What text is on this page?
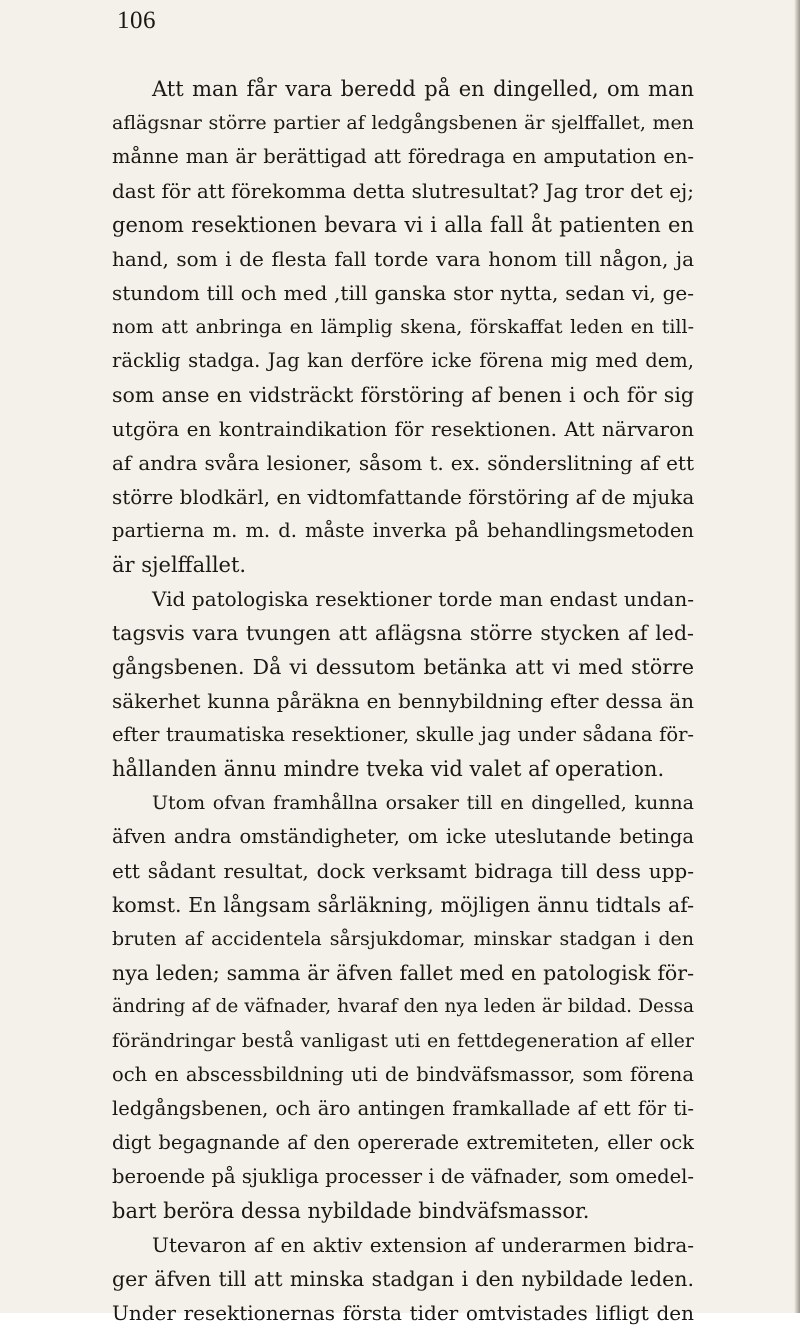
106
Att man får vara beredd på en dingelled, om man
aflägsnar större partier af ledgångsbenen är sjelffallet, men
månne man är berättigad att föredraga en amputation en-
dast för att förekomma detta slutresultat? Jag tror det ej;
genom resektionen bevara vi i alla fall åt patienten en
hand, som i de flesta fall torde vara honom till någon, ja
stundom till och med ,till ganska stor nytta, sedan vi, ge-
nom att anbringa en lämplig skena, förskaffat leden en till-
räcklig stadga. Jag kan derföre icke förena mig med dem,
som anse en vidsträckt förstöring af benen i och för sig
utgöra en kontraindikation för resektionen. Att närvaron
af andra svåra lesioner, såsom t. ex. sönderslitning af ett
större blodkärl, en vidtomfattande förstöring af de mjuka
partierna m. m. d. måste inverka på behandlingsmetoden
är sjelffallet.
Vid patologiska resektioner torde man endast undan-
tagsvis vara tvungen att aflägsna större stycken af led-
gångsbenen. Då vi dessutom betänka att vi med större
säkerhet kunna påräkna en bennybildning efter dessa än
efter traumatiska resektioner, skulle jag under sådana för-
hållanden ännu mindre tveka vid valet af operation.
Utom ofvan framhållna orsaker till en dingelled, kunna
äfven andra omständigheter, om icke uteslutande betinga
ett sådant resultat, dock verksamt bidraga till dess upp-
komst. En långsam sårläkning, möjligen ännu tidtals af-
bruten af accidentela sårsjukdomar, minskar stadgan i den
nya leden; samma är äfven fallet med en patologisk för-
ändring af de väfnader, hvaraf den nya leden är bildad. Dessa
förändringar bestå vanligast uti en fettdegeneration af eller
och en abscessbildning uti de bindväfsmassor, som förena
ledgångsbenen, och äro antingen framkallade af ett för ti-
digt begagnande af den opererade extremiteten, eller ock
beroende på sjukliga processer i de väfnader, som omedel-
bart beröra dessa nybildade bindväfsmassor.
Utevaron af en aktiv extension af underarmen bidra-
ger äfven till att minska stadgan i den nybildade leden.
Under resektionernas första tider omtvistades lifligt den
